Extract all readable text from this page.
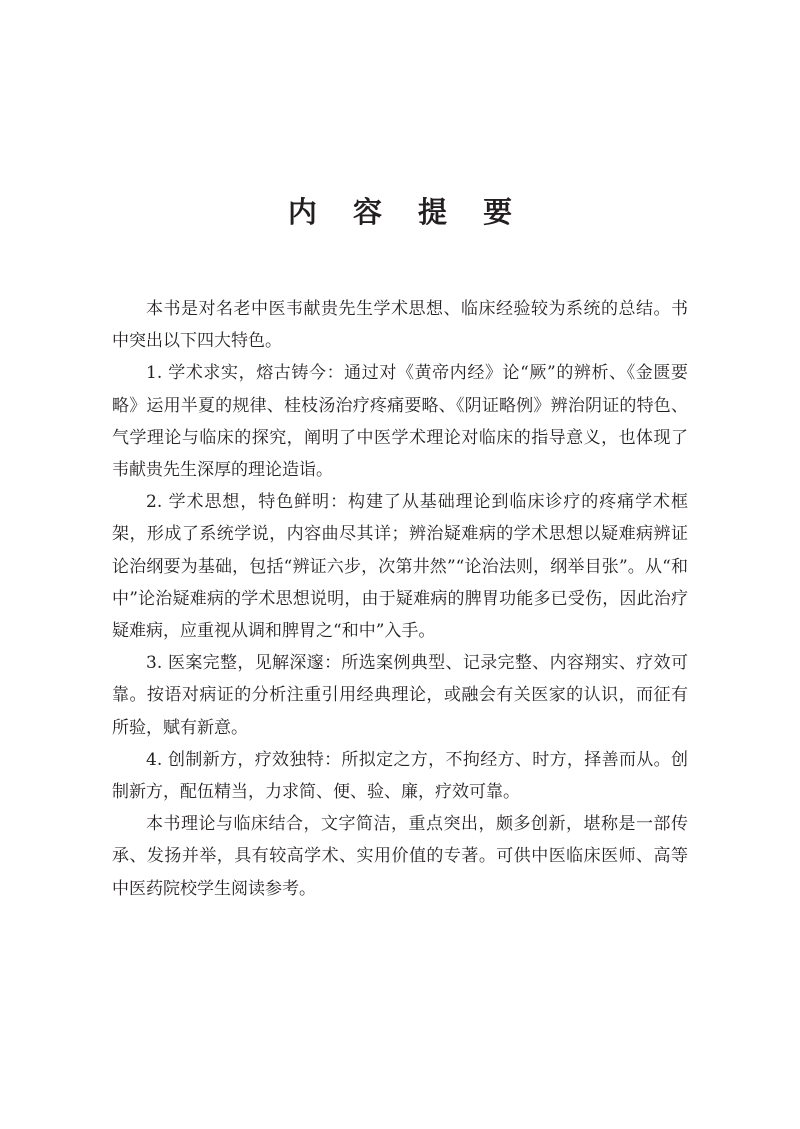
内 容 提 要

本书是对名老中医韦献贵先生学术思想、临床经验较为系统的总结。书中突出以下四大特色。

1. 学术求实，熔古铸今：通过对《黄帝内经》论“厥”的辨析、《金匮要略》运用半夏的规律、桂枝汤治疗疼痛要略、《阴证略例》辨治阴证的特色、气学理论与临床的探究，阐明了中医学术理论对临床的指导意义，也体现了韦献贵先生深厚的理论造诣。

2. 学术思想，特色鲜明：构建了从基础理论到临床诊疗的疼痛学术框架，形成了系统学说，内容曲尽其详；辨治疑难病的学术思想以疑难病辨证论治纲要为基础，包括“辨证六步，次第井然”“论治法则，纲举目张”。从“和中”论治疑难病的学术思想说明，由于疑难病的脾胃功能多已受伤，因此治疗疑难病，应重视从调和脾胃之“和中”入手。

3. 医案完整，见解深邃：所选案例典型、记录完整、内容翔实、疗效可靠。按语对病证的分析注重引用经典理论，或融会有关医家的认识，而征有所验，赋有新意。

4. 创制新方，疗效独特：所拟定之方，不拘经方、时方，择善而从。创制新方，配伍精当，力求简、便、验、廉，疗效可靠。

本书理论与临床结合，文字简洁，重点突出，颇多创新，堪称是一部传承、发扬并举，具有较高学术、实用价值的专著。可供中医临床医师、高等中医药院校学生阅读参考。
